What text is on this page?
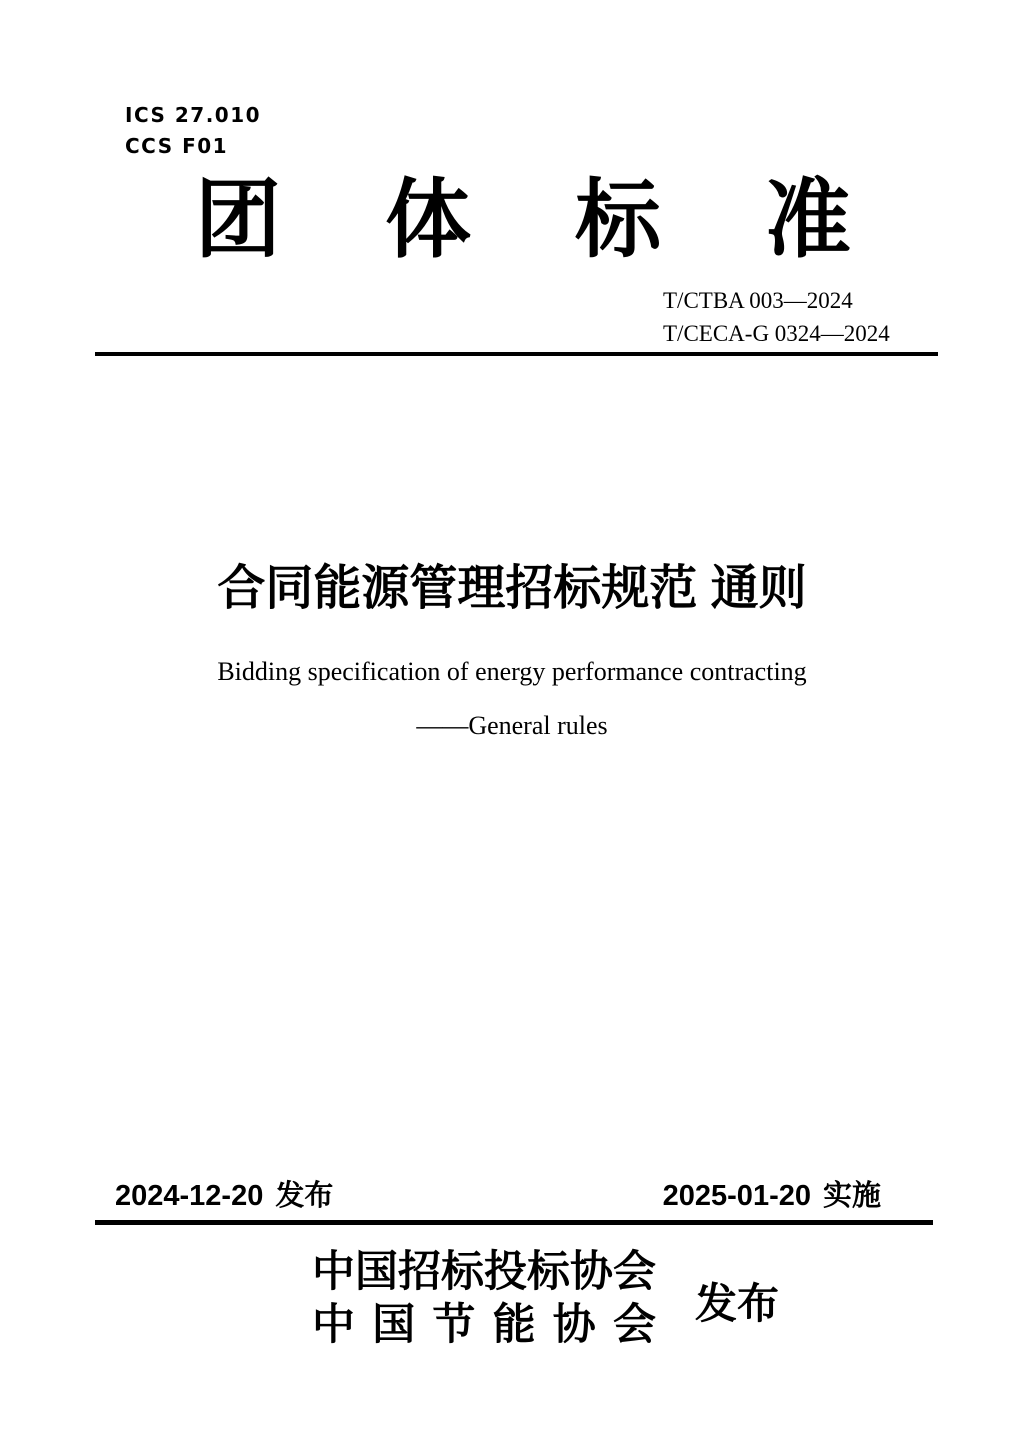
ICS 27.010
CCS F01
团 体 标 准
T/CTBA 003—2024
T/CECA-G 0324—2024
合同能源管理招标规范 通则
Bidding specification of energy performance contracting
——General rules
2024-12-20 发布	2025-01-20 实施
中 国 招 标 投 标 协 会
中 国 节 能 协 会 发布
